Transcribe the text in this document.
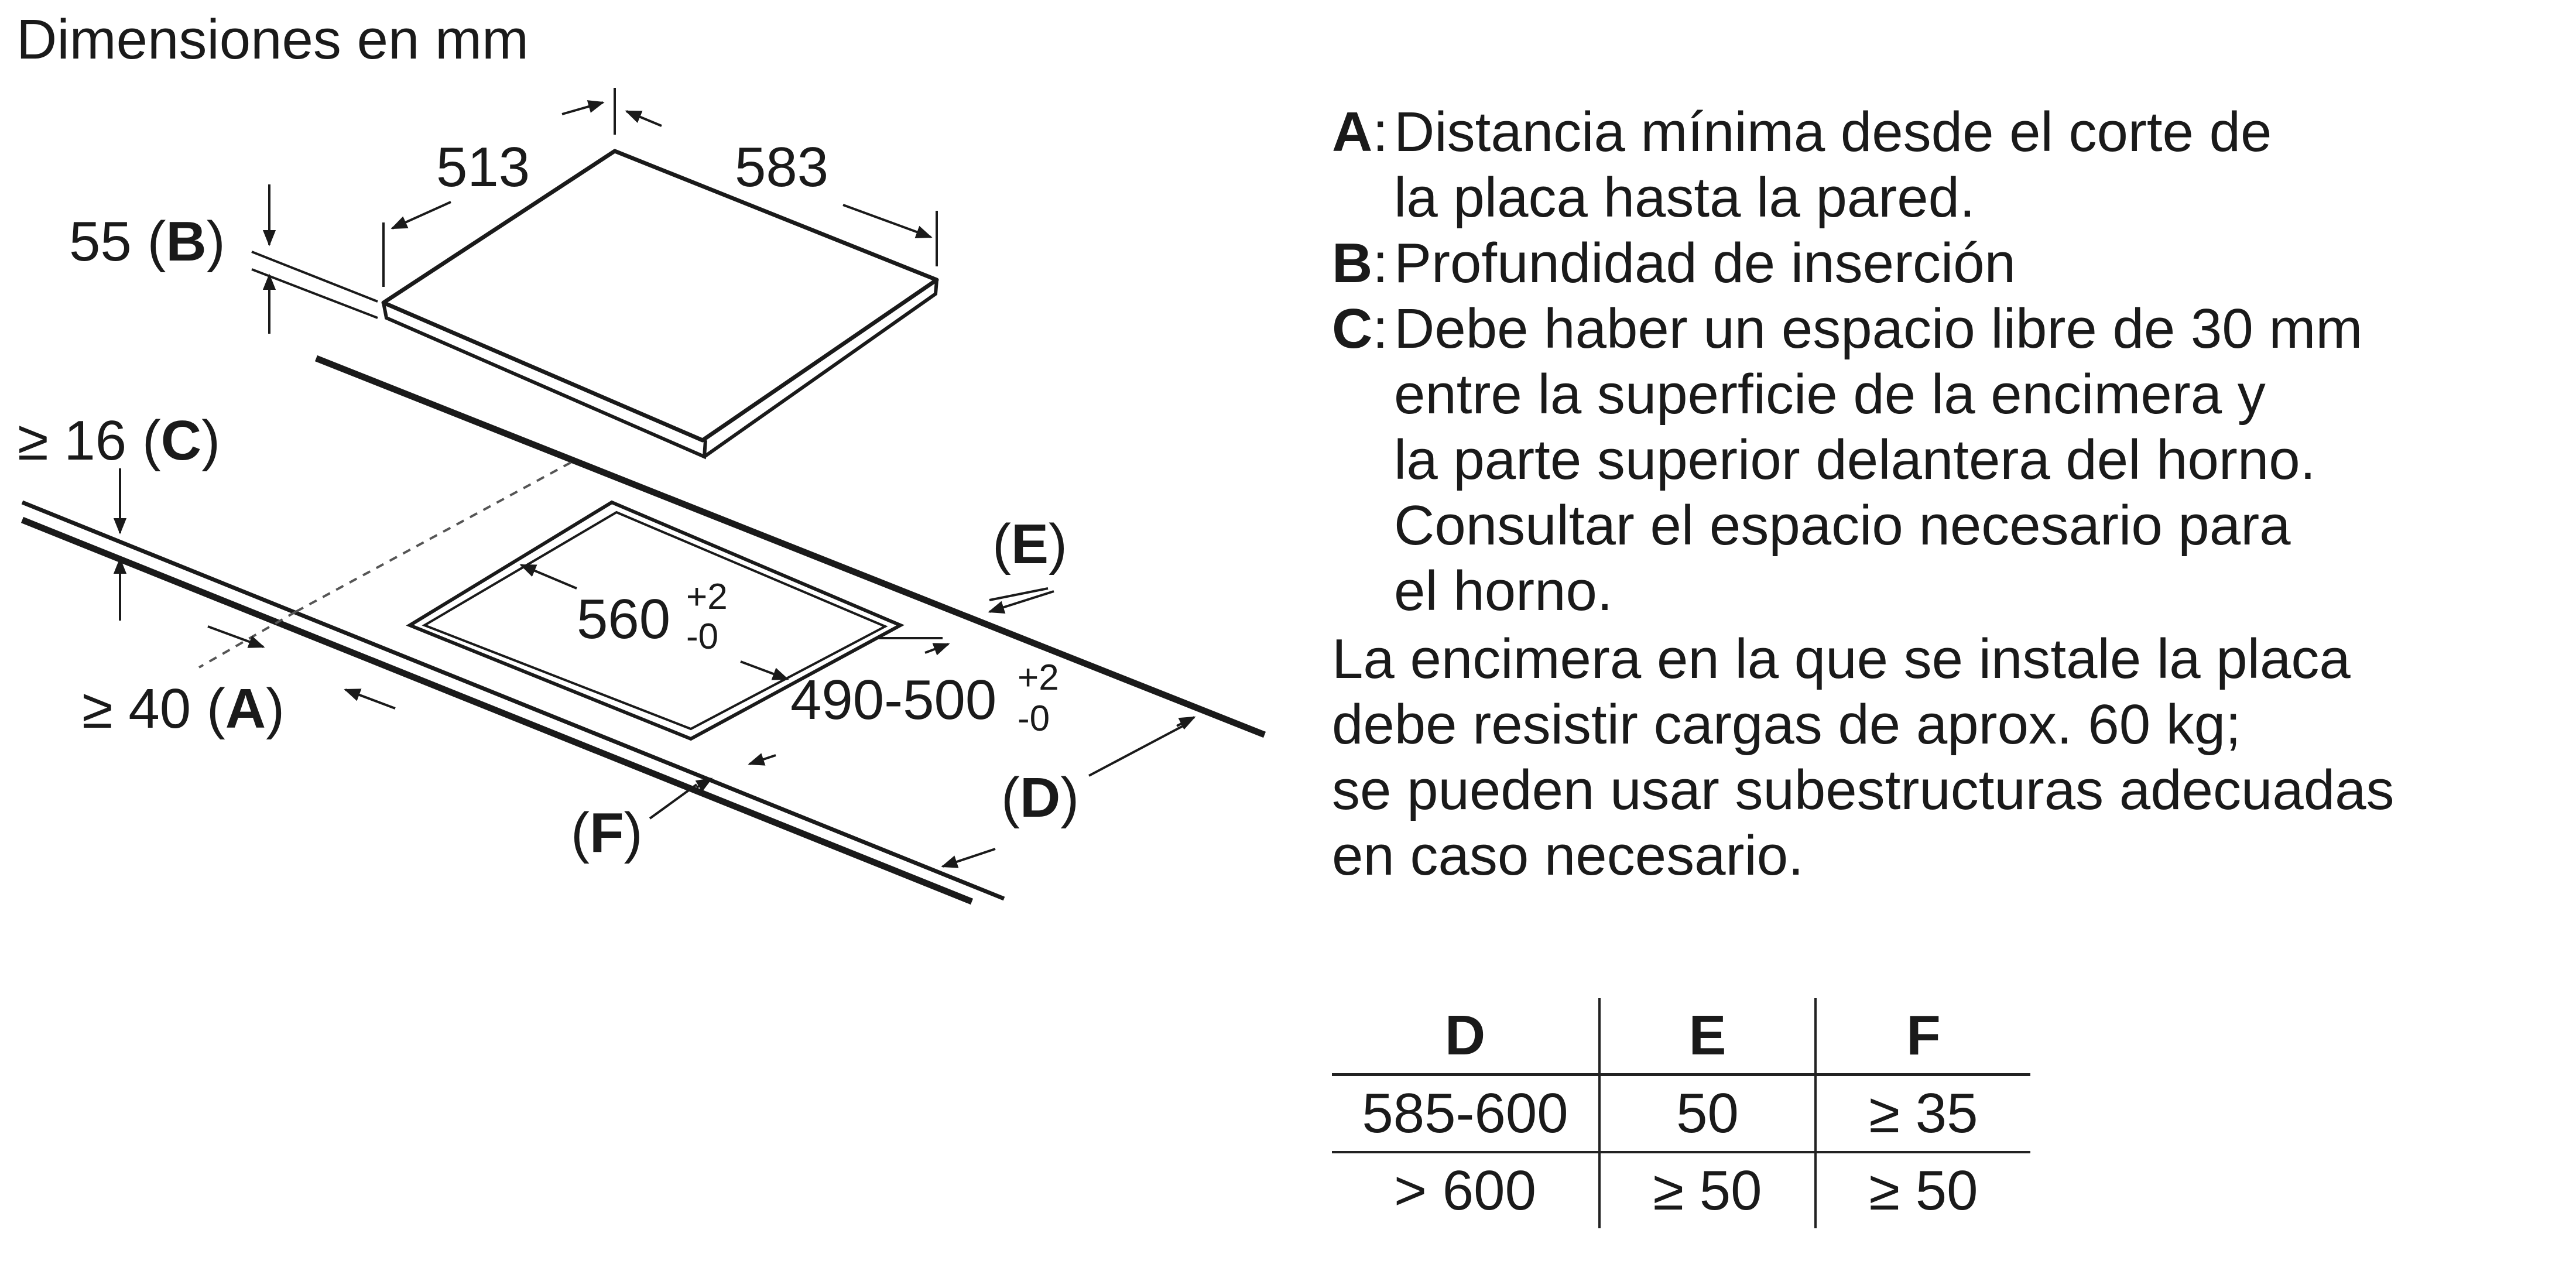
Dimensiones en mm
513	583
55 (B)
≥ 16 (C)
≥ 40 (A)
560 +2
-0
490-500 +2
-0
(E)
(D)
(F)
A : Distancia mínima desde el corte de
la placa hasta la pared.
B : Profundidad de inserción
C : Debe haber un espacio libre de 30 mm
entre la superficie de la encimera y
la parte superior delantera del horno.
Consultar el espacio necesario para
el horno.
La encimera en la que se instale la placa
debe resistir cargas de aprox. 60 kg;
se pueden usar subestructuras adecuadas
en caso necesario.
D	E	F
585-600	50	≥ 35
> 600	≥ 50	≥ 50
